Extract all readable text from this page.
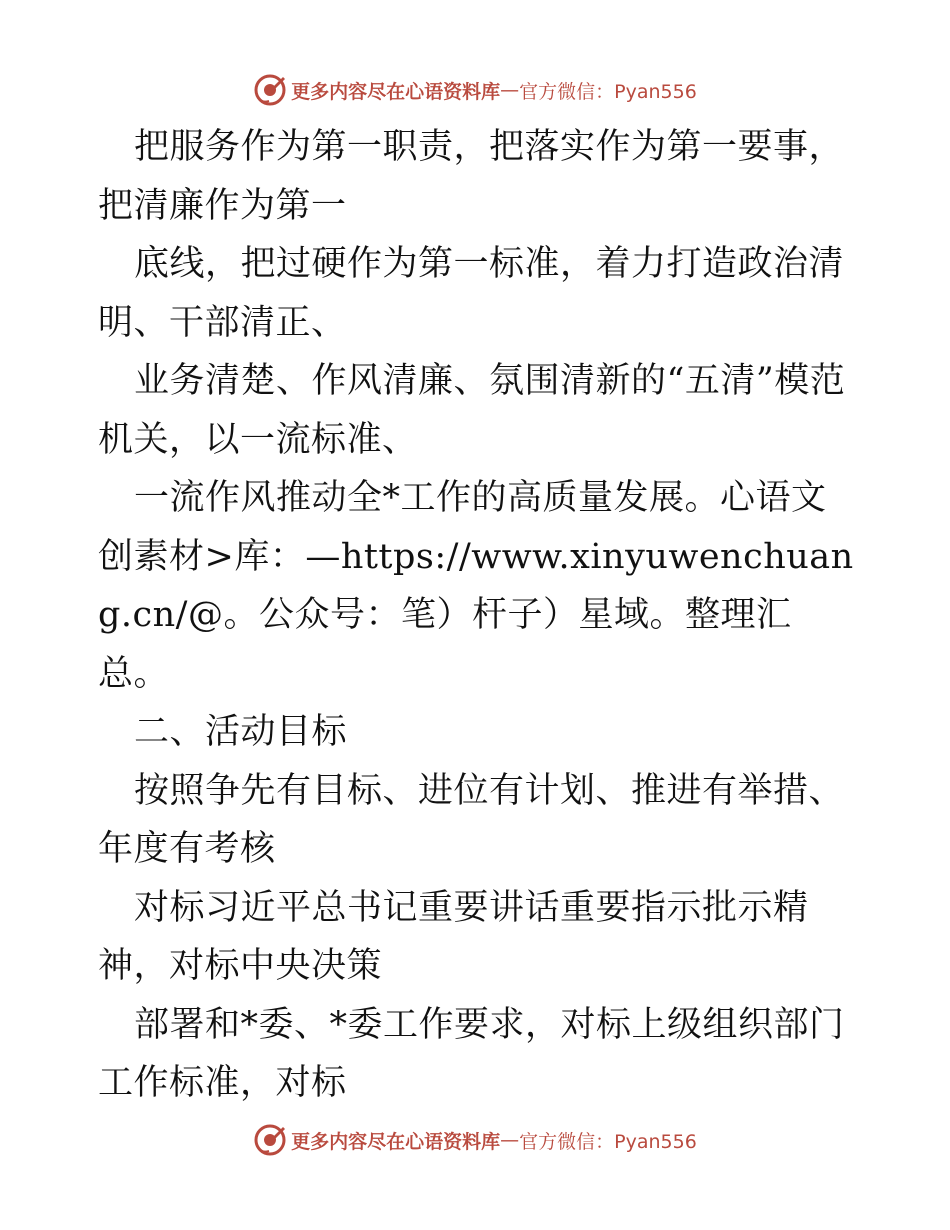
更多内容尽在心语资料库 — 官方微信：Pyan556

把服务作为第一职责，把落实作为第一要事，把清廉作为第一

底线，把过硬作为第一标准，着力打造政治清明、干部清正、

业务清楚、作风清廉、氛围清新的“五清”模范机关，以一流标准、

一流作风推动全*工作的高质量发展。心语文创素材>库：—https://www.xinyuwenchuang.cn/@。公众号：笔）杆子）星域。整理汇总。

二、活动目标

按照争先有目标、进位有计划、推进有举措、年度有考核

对标习近平总书记重要讲话重要指示批示精神，对标中央决策

部署和*委、*委工作要求，对标上级组织部门工作标准，对标

更多内容尽在心语资料库 — 官方微信：Pyan556
